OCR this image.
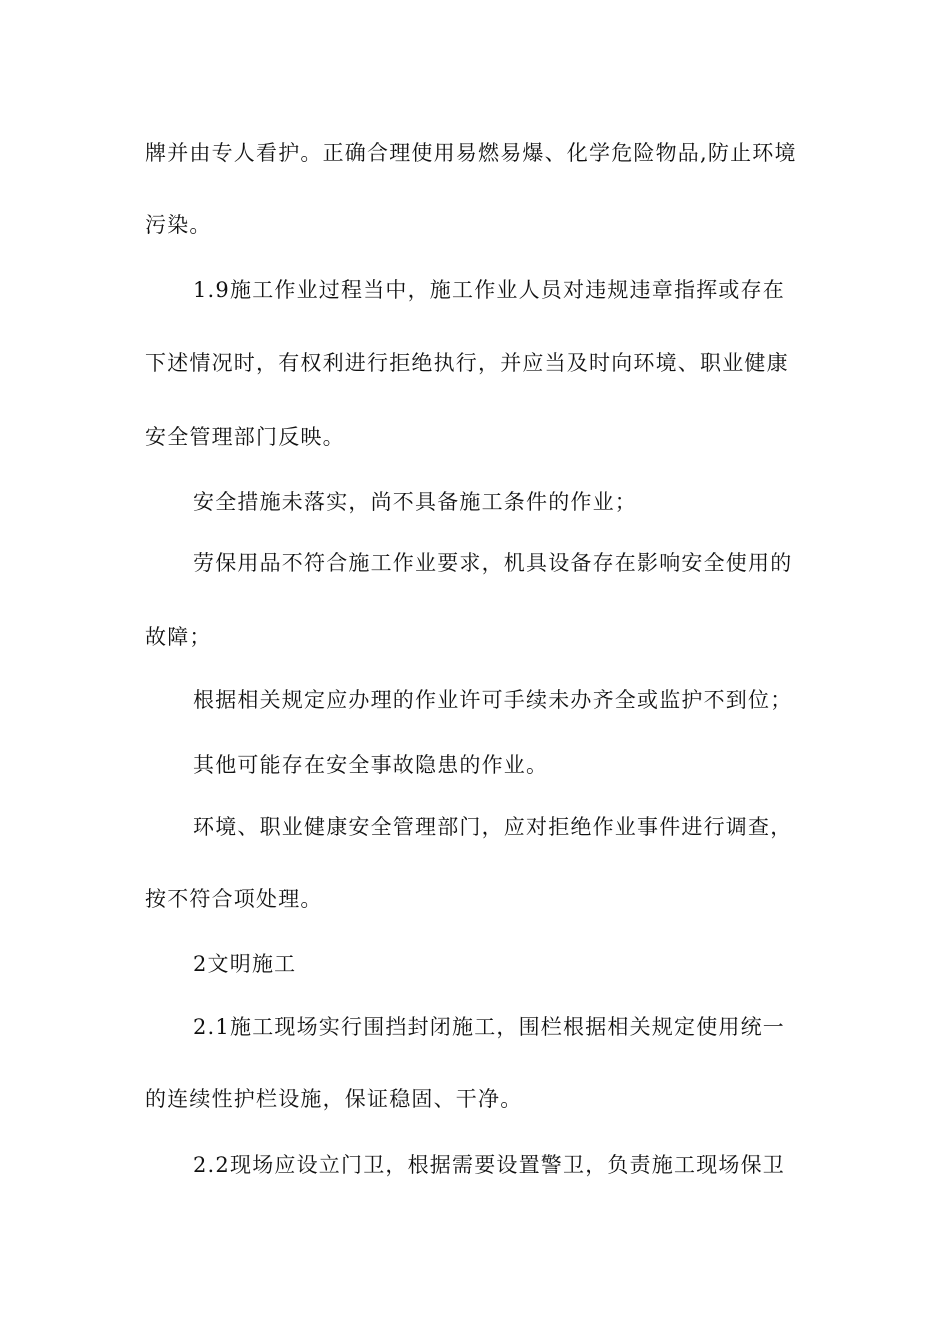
牌并由专人看护。正确合理使用易燃易爆、化学危险物品,防止环境
污染。
1.9施工作业过程当中，施工作业人员对违规违章指挥或存在
下述情况时，有权利进行拒绝执行，并应当及时向环境、职业健康
安全管理部门反映。
安全措施未落实，尚不具备施工条件的作业；
劳保用品不符合施工作业要求，机具设备存在影响安全使用的
故障；
根据相关规定应办理的作业许可手续未办齐全或监护不到位；
其他可能存在安全事故隐患的作业。
环境、职业健康安全管理部门，应对拒绝作业事件进行调查，
按不符合项处理。
2文明施工
2.1施工现场实行围挡封闭施工，围栏根据相关规定使用统一
的连续性护栏设施，保证稳固、干净。
2.2现场应设立门卫，根据需要设置警卫，负责施工现场保卫
